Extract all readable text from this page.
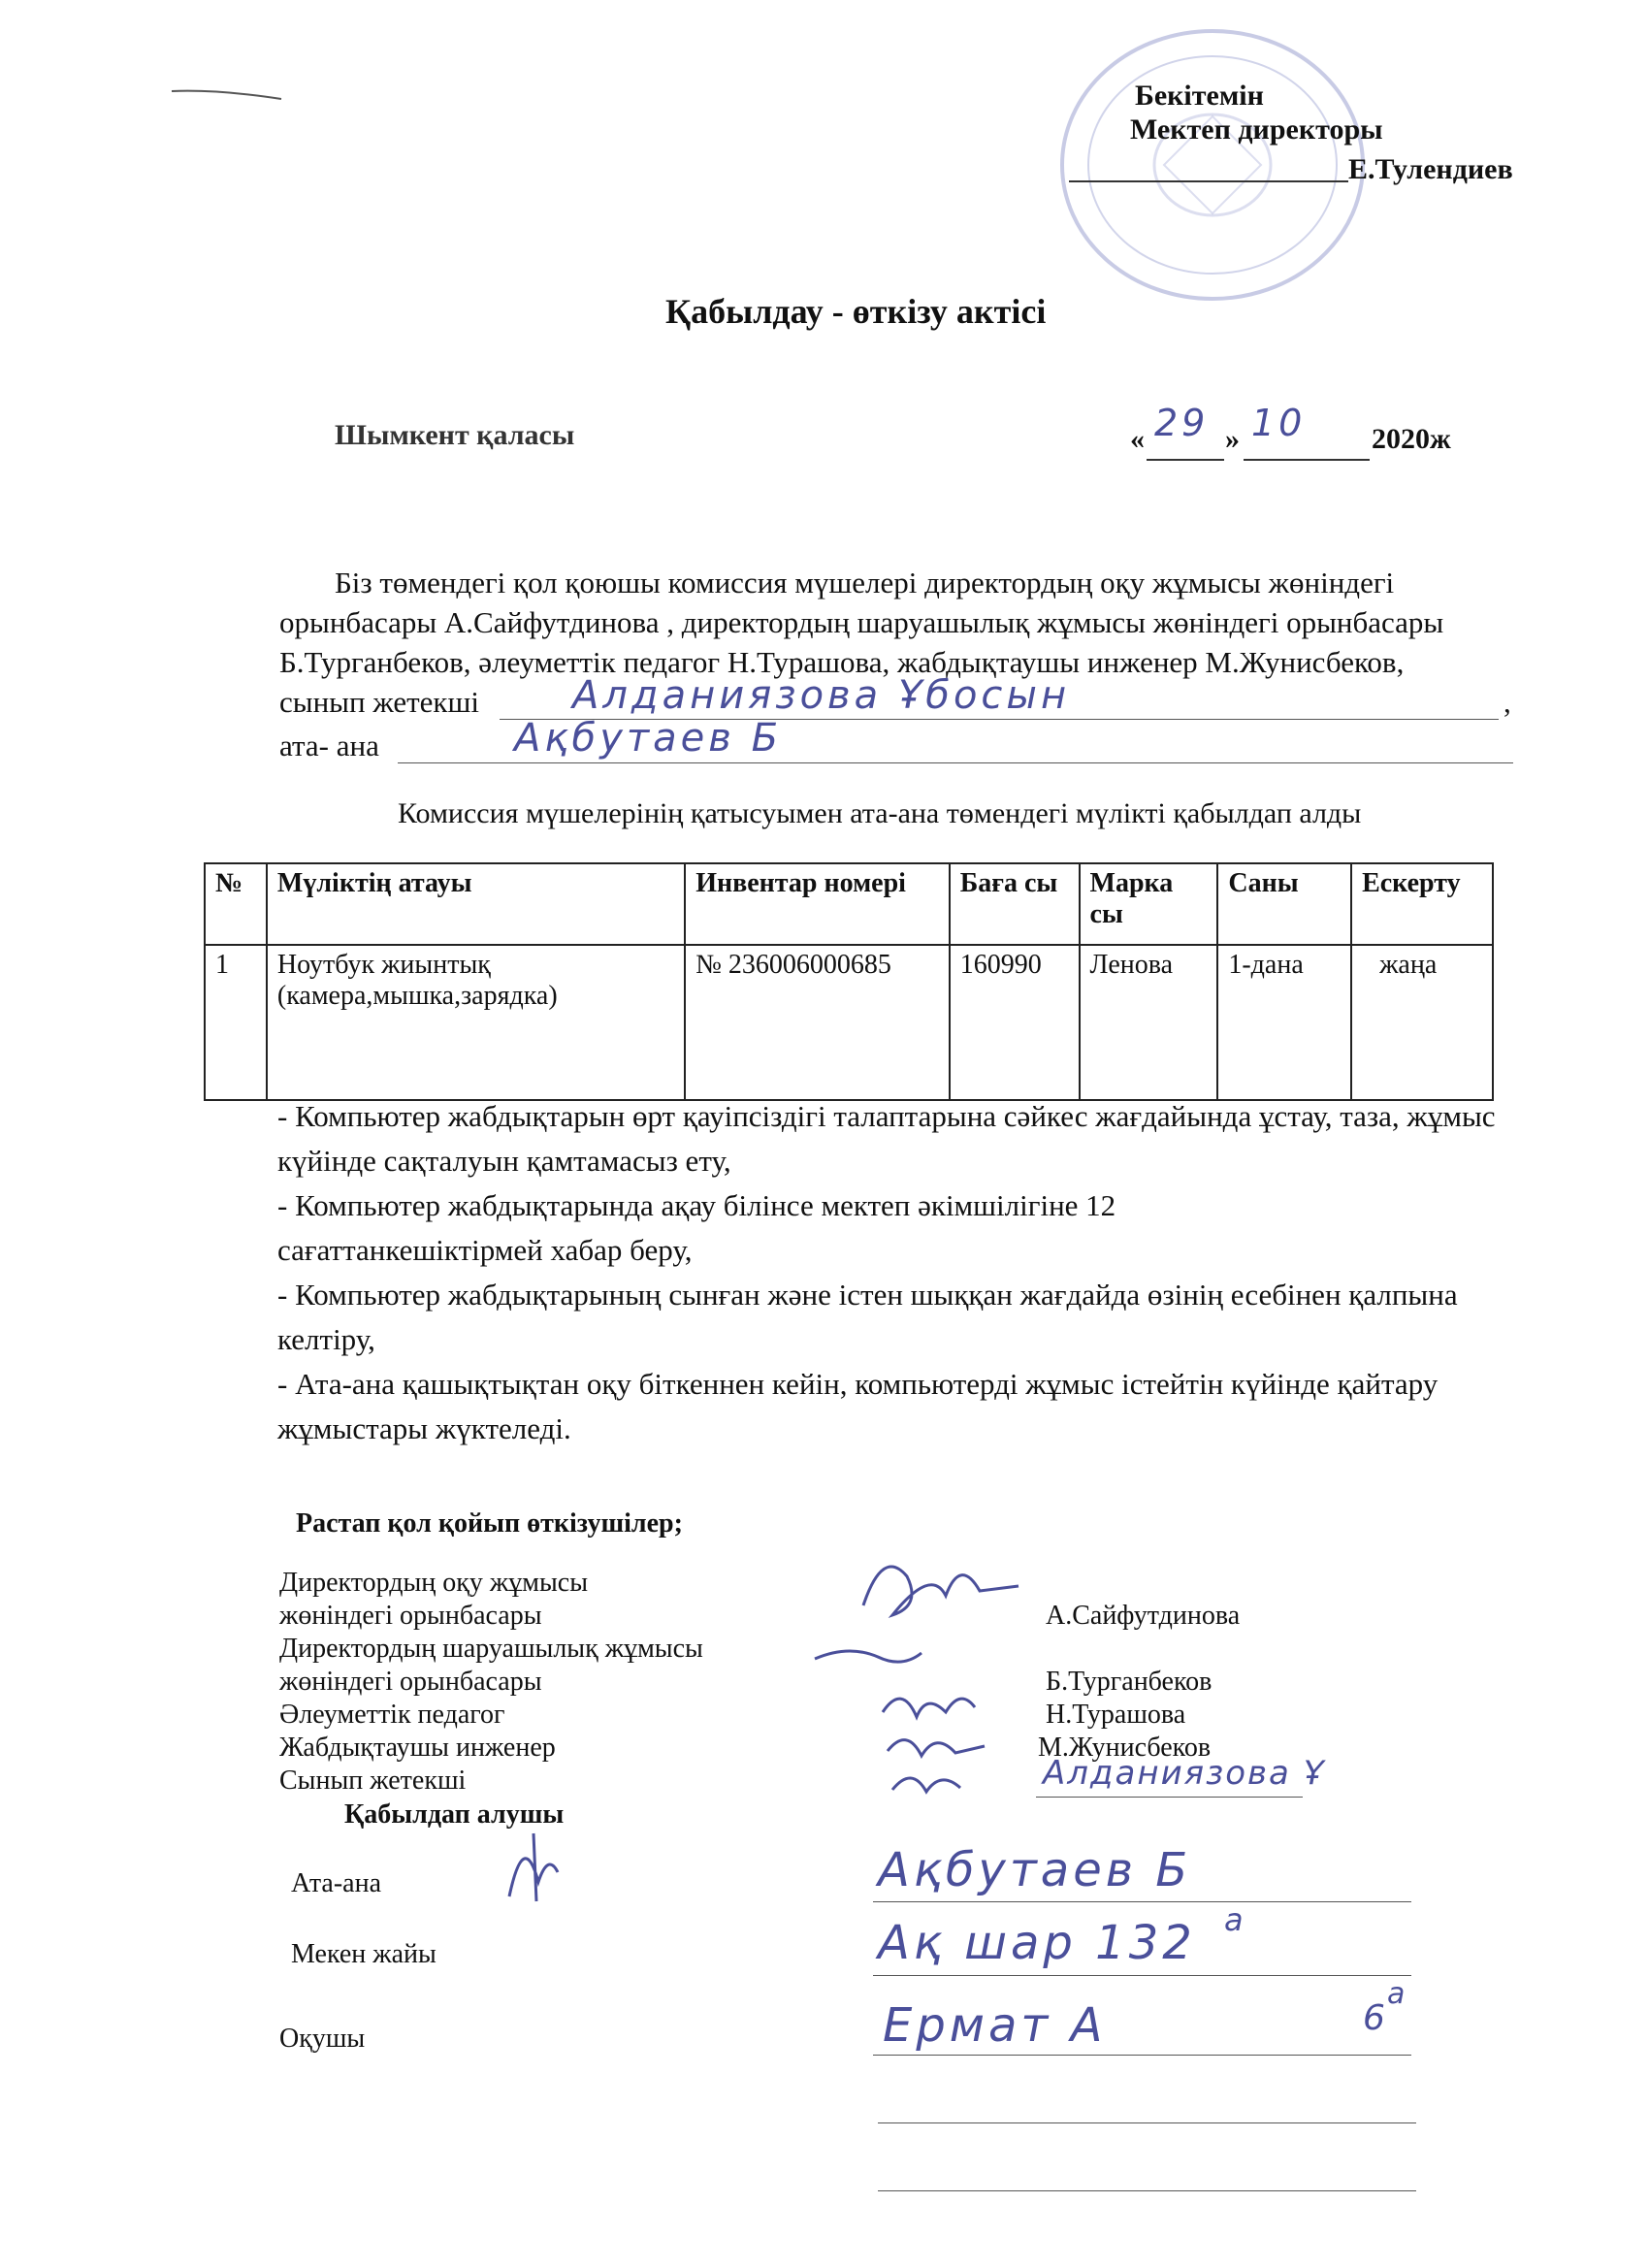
Бекітемін
Мектеп директоры
Е.Тулендиев
Қабылдау - өткізу актісі
Шымкент қаласы	« 29 » 10 2020ж
Біз төмендегі қол қоюшы комиссия мүшелері директордың оқу жұмысы жөніндегі
орынбасары А.Сайфутдинова , директордың шаруашылық жұмысы жөніндегі орынбасары
Б.Турганбеков, әлеуметтік педагог Н.Турашова, жабдықтаушы инженер М.Жунисбеков,
сынып жетекші Алданиязова Ұбосын	,
ата- ана	Ақбутаев Б
Комиссия мүшелерінің қатысуымен ата-ана төмендегі мүлікті қабылдап алды
№	Мүліктің атауы	Инвентар номері	Баға сы	Марка сы	Саны	Ескерту
1	Ноутбук жиынтық (камера,мышка,зарядка)	№ 236006000685	160990	Ленова	1-дана	жаңа
- Компьютер жабдықтарын өрт қауіпсіздігі талаптарына сәйкес жағдайында ұстау, таза, жұмыс күйінде сақталуын қамтамасыз ету,
- Компьютер жабдықтарында ақау білінсе мектеп әкімшілігіне 12 сағаттанкешіктірмей хабар беру,
- Компьютер жабдықтарының сынған және істен шыққан жағдайда өзінің есебінен қалпына келтіру,
- Ата-ана қашықтықтан оқу біткеннен кейін, компьютерді жұмыс істейтін күйінде қайтару жұмыстары жүктеледі.
Растап қол қойып өткізушілер;
Директордың оқу жұмысы
жөніндегі орынбасары	А.Сайфутдинова
Директордың шаруашылық жұмысы
жөніндегі орынбасары	Б.Турганбеков
Әлеуметтік педагог	Н.Турашова
Жабдықтаушы инженер	М.Жунисбеков
Сынып жетекші	Алданиязова Ұ
Қабылдап алушы
Ата-ана	Ақбутаев Б
Мекен жайы	Ақ шар 132 а
Оқушы	Ермат А	6
а
